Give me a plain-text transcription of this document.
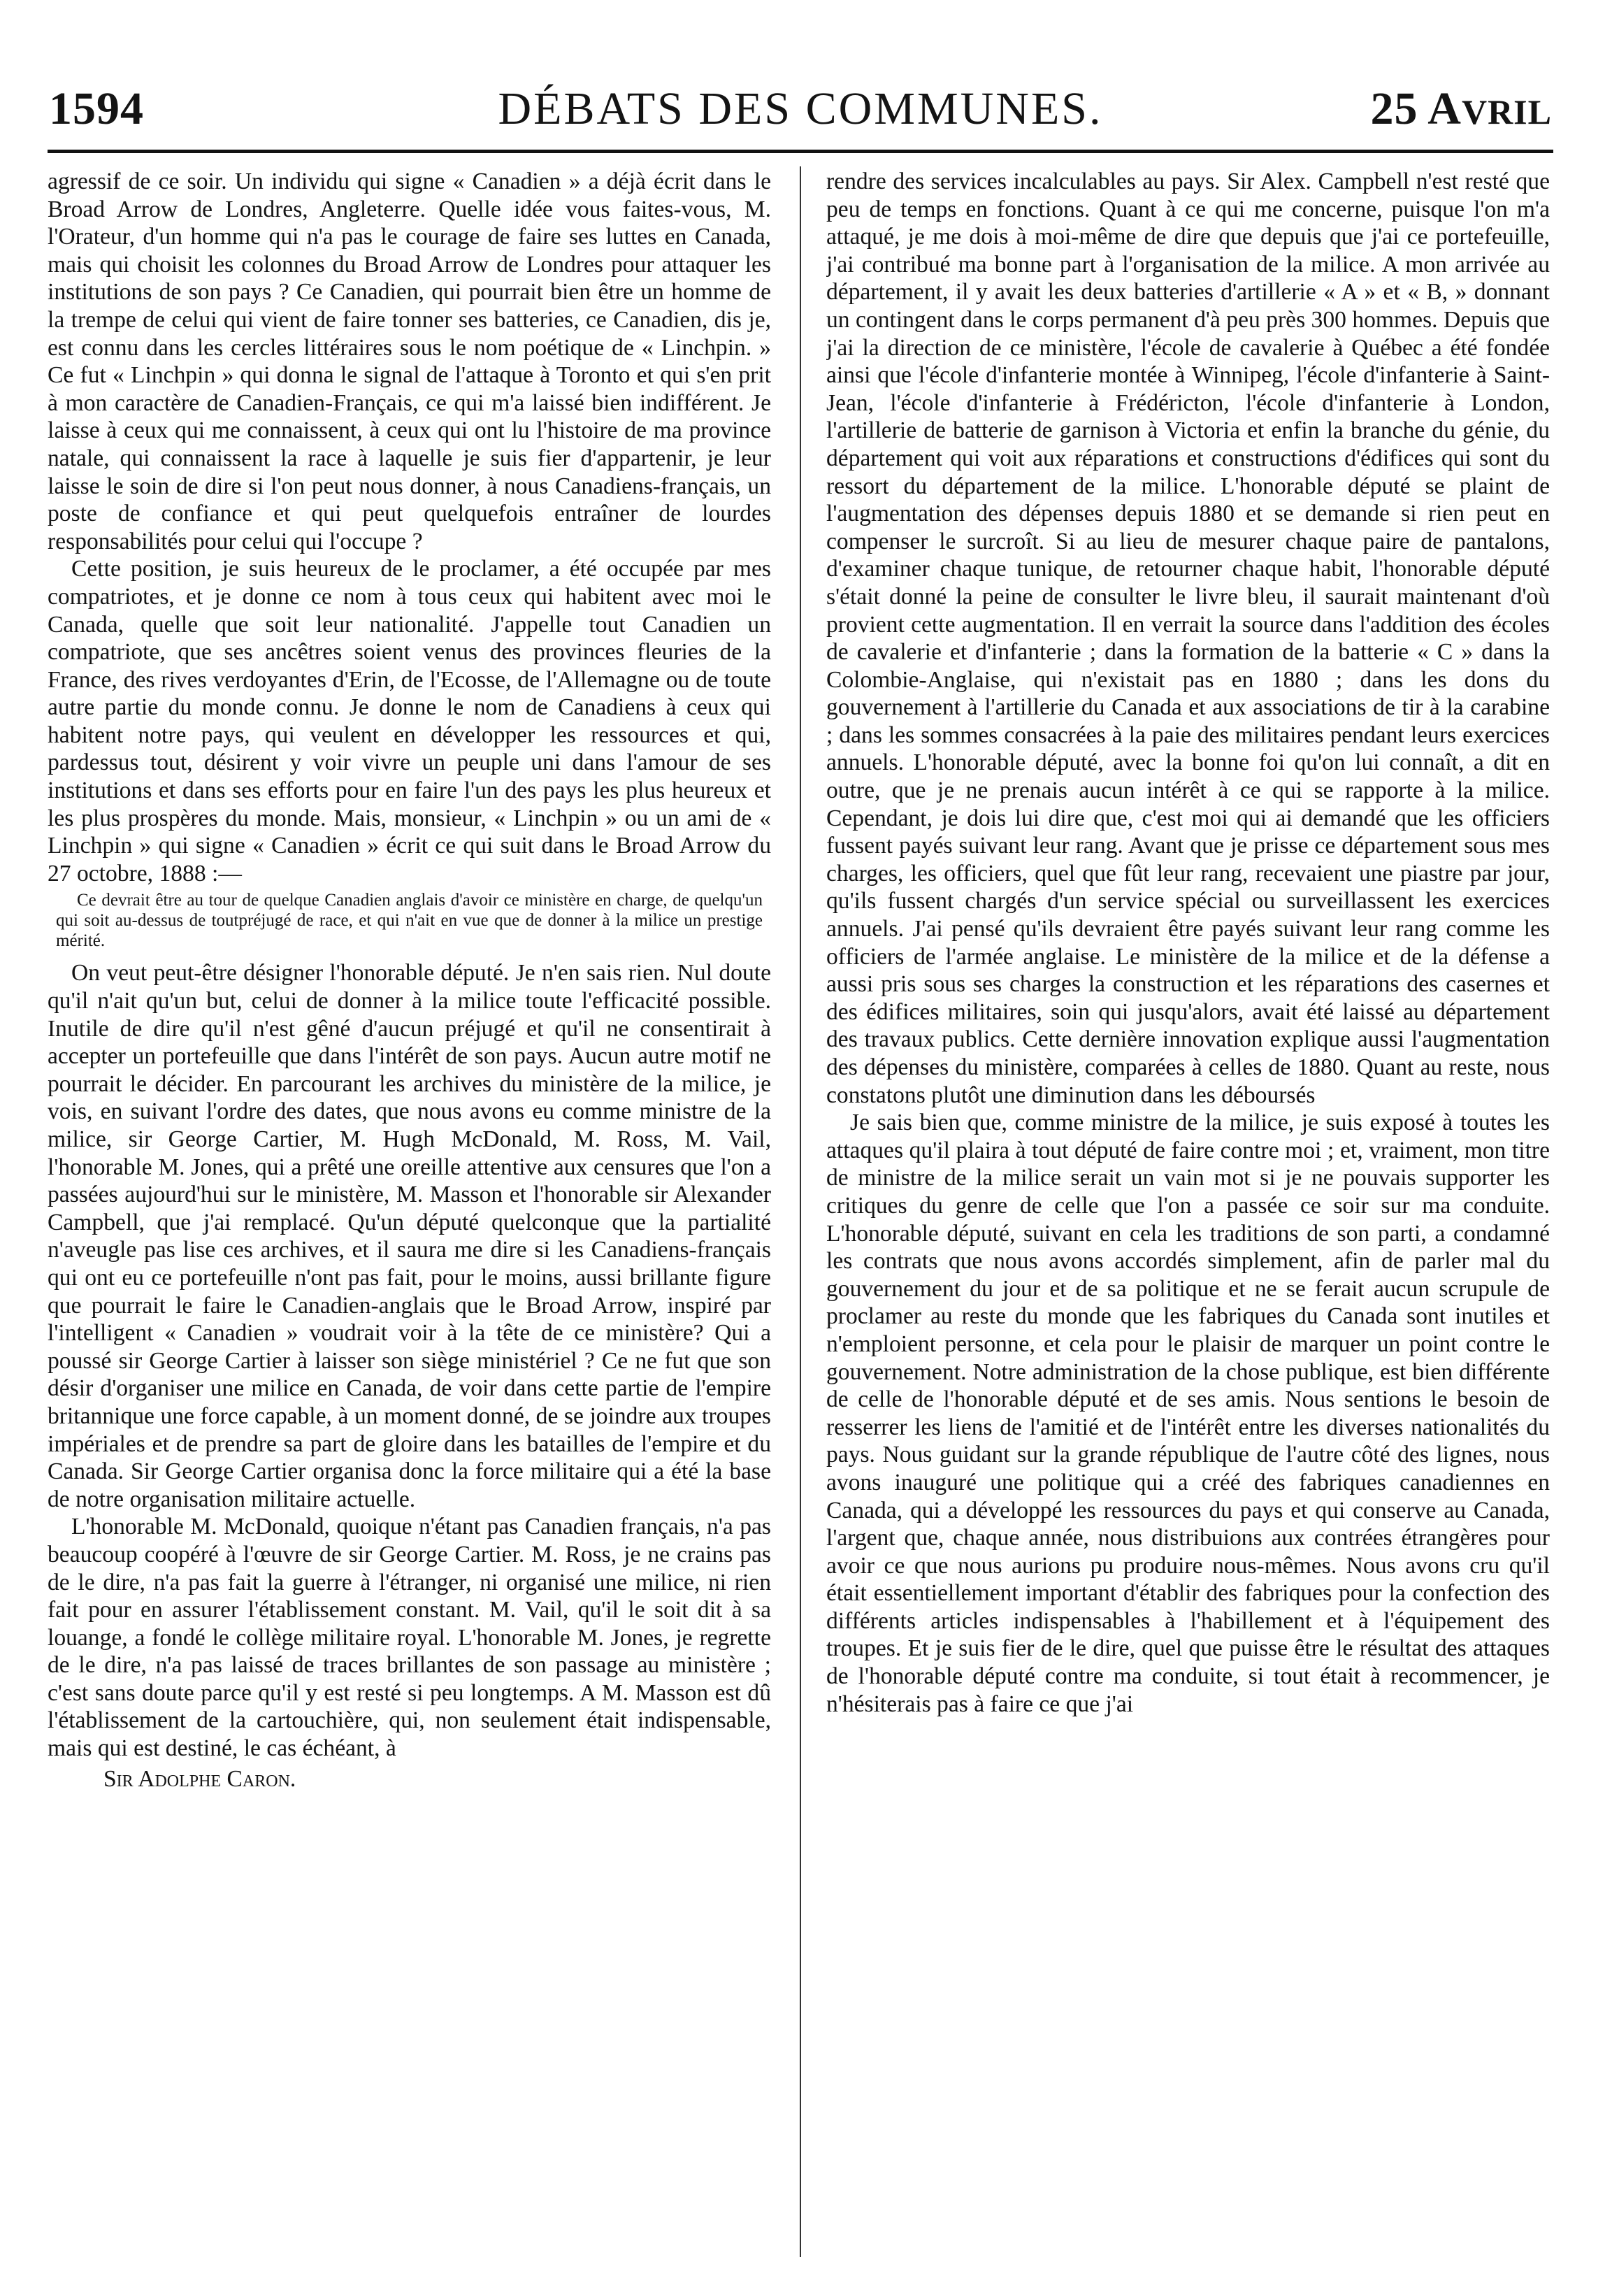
1594	DÉBATS DES COMMUNES.	25 AVRIL

agressif de ce soir. Un individu qui signe « Canadien » a déjà écrit dans le Broad Arrow de Londres, Angleterre. Quelle idée vous faites-vous, M. l'Orateur, d'un homme qui n'a pas le courage de faire ses luttes en Canada, mais qui choisit les colonnes du Broad Arrow de Londres pour attaquer les institutions de son pays ? Ce Canadien, qui pourrait bien être un homme de la trempe de celui qui vient de faire tonner ses batteries, ce Canadien, dis je, est connu dans les cercles littéraires sous le nom poétique de « Linchpin. » Ce fut « Linchpin » qui donna le signal de l'attaque à Toronto et qui s'en prit à mon caractère de Canadien-Français, ce qui m'a laissé bien indifférent. Je laisse à ceux qui me connaissent, à ceux qui ont lu l'histoire de ma province natale, qui connaissent la race à laquelle je suis fier d'appartenir, je leur laisse le soin de dire si l'on peut nous donner, à nous Canadiens-français, un poste de confiance et qui peut quelquefois entraîner de lourdes responsabilités pour celui qui l'occupe ?

Cette position, je suis heureux de le proclamer, a été occupée par mes compatriotes, et je donne ce nom à tous ceux qui habitent avec moi le Canada, quelle que soit leur nationalité. J'appelle tout Canadien un compatriote, que ses ancêtres soient venus des provinces fleuries de la France, des rives verdoyantes d'Erin, de l'Ecosse, de l'Allemagne ou de toute autre partie du monde connu. Je donne le nom de Canadiens à ceux qui habitent notre pays, qui veulent en développer les ressources et qui, pardessus tout, désirent y voir vivre un peuple uni dans l'amour de ses institutions et dans ses efforts pour en faire l'un des pays les plus heureux et les plus prospères du monde. Mais, monsieur, « Linchpin » ou un ami de « Linchpin » qui signe « Canadien » écrit ce qui suit dans le Broad Arrow du 27 octobre, 1888 :—

Ce devrait être au tour de quelque Canadien anglais d'avoir ce ministère en charge, de quelqu'un qui soit au-dessus de toutpréjugé de race, et qui n'ait en vue que de donner à la milice un prestige mérité.

On veut peut-être désigner l'honorable député. Je n'en sais rien. Nul doute qu'il n'ait qu'un but, celui de donner à la milice toute l'efficacité possible. Inutile de dire qu'il n'est gêné d'aucun préjugé et qu'il ne consentirait à accepter un portefeuille que dans l'intérêt de son pays. Aucun autre motif ne pourrait le décider. En parcourant les archives du ministère de la milice, je vois, en suivant l'ordre des dates, que nous avons eu comme ministre de la milice, sir George Cartier, M. Hugh McDonald, M. Ross, M. Vail, l'honorable M. Jones, qui a prêté une oreille attentive aux censures que l'on a passées aujourd'hui sur le ministère, M. Masson et l'honorable sir Alexander Campbell, que j'ai remplacé. Qu'un député quelconque que la partialité n'aveugle pas lise ces archives, et il saura me dire si les Canadiens-français qui ont eu ce portefeuille n'ont pas fait, pour le moins, aussi brillante figure que pourrait le faire le Canadien-anglais que le Broad Arrow, inspiré par l'intelligent « Canadien » voudrait voir à la tête de ce ministère? Qui a poussé sir George Cartier à laisser son siège ministériel ? Ce ne fut que son désir d'organiser une milice en Canada, de voir dans cette partie de l'empire britannique une force capable, à un moment donné, de se joindre aux troupes impériales et de prendre sa part de gloire dans les batailles de l'empire et du Canada. Sir George Cartier organisa donc la force militaire qui a été la base de notre organisation militaire actuelle.

L'honorable M. McDonald, quoique n'étant pas Canadien français, n'a pas beaucoup coopéré à l'œuvre de sir George Cartier. M. Ross, je ne crains pas de le dire, n'a pas fait la guerre à l'étranger, ni organisé une milice, ni rien fait pour en assurer l'établissement constant. M. Vail, qu'il le soit dit à sa louange, a fondé le collège militaire royal. L'honorable M. Jones, je regrette de le dire, n'a pas laissé de traces brillantes de son passage au ministère ; c'est sans doute parce qu'il y est resté si peu longtemps. A M. Masson est dû l'établissement de la cartouchière, qui, non seulement était indispensable, mais qui est destiné, le cas échéant, à

Sir Adolphe Caron.

rendre des services incalculables au pays. Sir Alex. Campbell n'est resté que peu de temps en fonctions. Quant à ce qui me concerne, puisque l'on m'a attaqué, je me dois à moi-même de dire que depuis que j'ai ce portefeuille, j'ai contribué ma bonne part à l'organisation de la milice. A mon arrivée au département, il y avait les deux batteries d'artillerie « A » et « B, » donnant un contingent dans le corps permanent d'à peu près 300 hommes. Depuis que j'ai la direction de ce ministère, l'école de cavalerie à Québec a été fondée ainsi que l'école d'infanterie montée à Winnipeg, l'école d'infanterie à Saint-Jean, l'école d'infanterie à Frédéricton, l'école d'infanterie à London, l'artillerie de batterie de garnison à Victoria et enfin la branche du génie, du département qui voit aux réparations et constructions d'édifices qui sont du ressort du département de la milice. L'honorable député se plaint de l'augmentation des dépenses depuis 1880 et se demande si rien peut en compenser le surcroît. Si au lieu de mesurer chaque paire de pantalons, d'examiner chaque tunique, de retourner chaque habit, l'honorable député s'était donné la peine de consulter le livre bleu, il saurait maintenant d'où provient cette augmentation. Il en verrait la source dans l'addition des écoles de cavalerie et d'infanterie ; dans la formation de la batterie « C » dans la Colombie-Anglaise, qui n'existait pas en 1880 ; dans les dons du gouvernement à l'artillerie du Canada et aux associations de tir à la carabine ; dans les sommes consacrées à la paie des militaires pendant leurs exercices annuels. L'honorable député, avec la bonne foi qu'on lui connaît, a dit en outre, que je ne prenais aucun intérêt à ce qui se rapporte à la milice. Cependant, je dois lui dire que, c'est moi qui ai demandé que les officiers fussent payés suivant leur rang. Avant que je prisse ce département sous mes charges, les officiers, quel que fût leur rang, recevaient une piastre par jour, qu'ils fussent chargés d'un service spécial ou surveillassent les exercices annuels. J'ai pensé qu'ils devraient être payés suivant leur rang comme les officiers de l'armée anglaise. Le ministère de la milice et de la défense a aussi pris sous ses charges la construction et les réparations des casernes et des édifices militaires, soin qui jusqu'alors, avait été laissé au département des travaux publics. Cette dernière innovation explique aussi l'augmentation des dépenses du ministère, comparées à celles de 1880. Quant au reste, nous constatons plutôt une diminution dans les déboursés

Je sais bien que, comme ministre de la milice, je suis exposé à toutes les attaques qu'il plaira à tout député de faire contre moi ; et, vraiment, mon titre de ministre de la milice serait un vain mot si je ne pouvais supporter les critiques du genre de celle que l'on a passée ce soir sur ma conduite. L'honorable député, suivant en cela les traditions de son parti, a condamné les contrats que nous avons accordés simplement, afin de parler mal du gouvernement du jour et de sa politique et ne se ferait aucun scrupule de proclamer au reste du monde que les fabriques du Canada sont inutiles et n'emploient personne, et cela pour le plaisir de marquer un point contre le gouvernement. Notre administration de la chose publique, est bien différente de celle de l'honorable député et de ses amis. Nous sentions le besoin de resserrer les liens de l'amitié et de l'intérêt entre les diverses nationalités du pays. Nous guidant sur la grande république de l'autre côté des lignes, nous avons inauguré une politique qui a créé des fabriques canadiennes en Canada, qui a développé les ressources du pays et qui conserve au Canada, l'argent que, chaque année, nous distribuions aux contrées étrangères pour avoir ce que nous aurions pu produire nous-mêmes. Nous avons cru qu'il était essentiellement important d'établir des fabriques pour la confection des différents articles indispensables à l'habillement et à l'équipement des troupes. Et je suis fier de le dire, quel que puisse être le résultat des attaques de l'honorable député contre ma conduite, si tout était à recommencer, je n'hésiterais pas à faire ce que j'ai
